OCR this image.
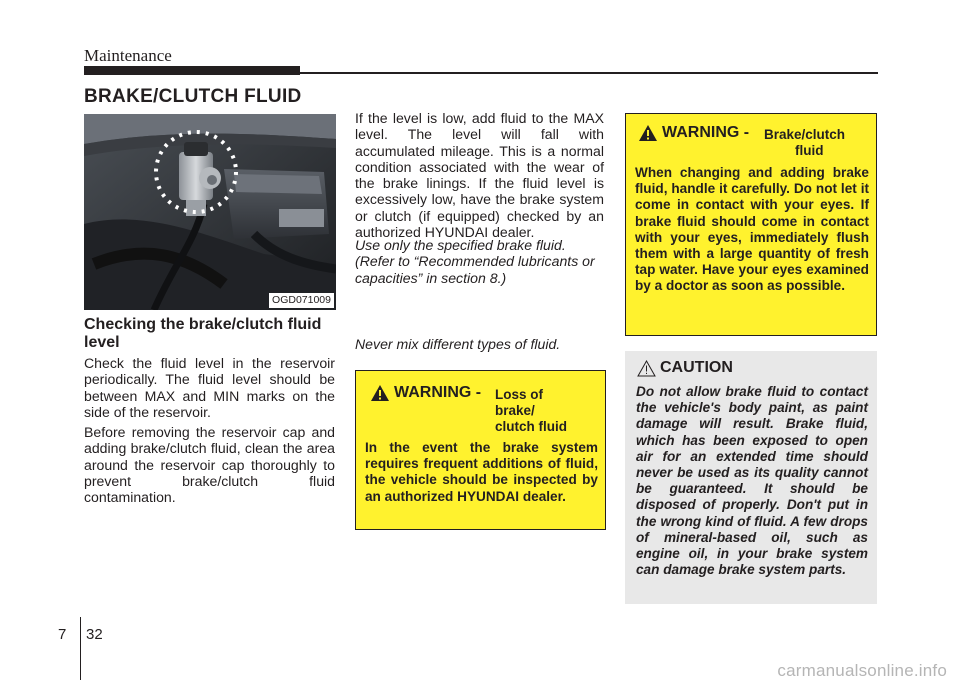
Maintenance
BRAKE/CLUTCH FLUID
OGD071009
Checking the brake/clutch fluid level

Check the fluid level in the reservoir periodically. The fluid level should be between MAX and MIN marks on the side of the reservoir.

Before removing the reservoir cap and adding brake/clutch fluid, clean the area around the reservoir cap thoroughly to prevent brake/clutch fluid contamination.

If the level is low, add fluid to the MAX level. The level will fall with accumulated mileage. This is a normal condition associated with the wear of the brake linings. If the fluid level is excessively low, have the brake system or clutch (if equipped) checked by an authorized HYUNDAI dealer.

Use only the specified brake fluid. (Refer to “Recommended lubricants or capacities” in section 8.)

Never mix different types of fluid.

WARNING - Loss of
brake/
clutch fluid

In the event the brake system requires frequent additions of fluid, the vehicle should be inspected by an authorized HYUNDAI dealer.

WARNING - Brake/clutch
fluid

When changing and adding brake fluid, handle it carefully. Do not let it come in contact with your eyes. If brake fluid should come in contact with your eyes, immediately flush them with a large quantity of fresh tap water. Have your eyes examined by a doctor as soon as possible.

CAUTION

Do not allow brake fluid to contact the vehicle's body paint, as paint damage will result. Brake fluid, which has been exposed to open air for an extended time should never be used as its quality cannot be guaranteed. It should be disposed of properly. Don't put in the wrong kind of fluid. A few drops of mineral-based oil, such as engine oil, in your brake system can damage brake system parts.

7 32
carmanualsonline.info
